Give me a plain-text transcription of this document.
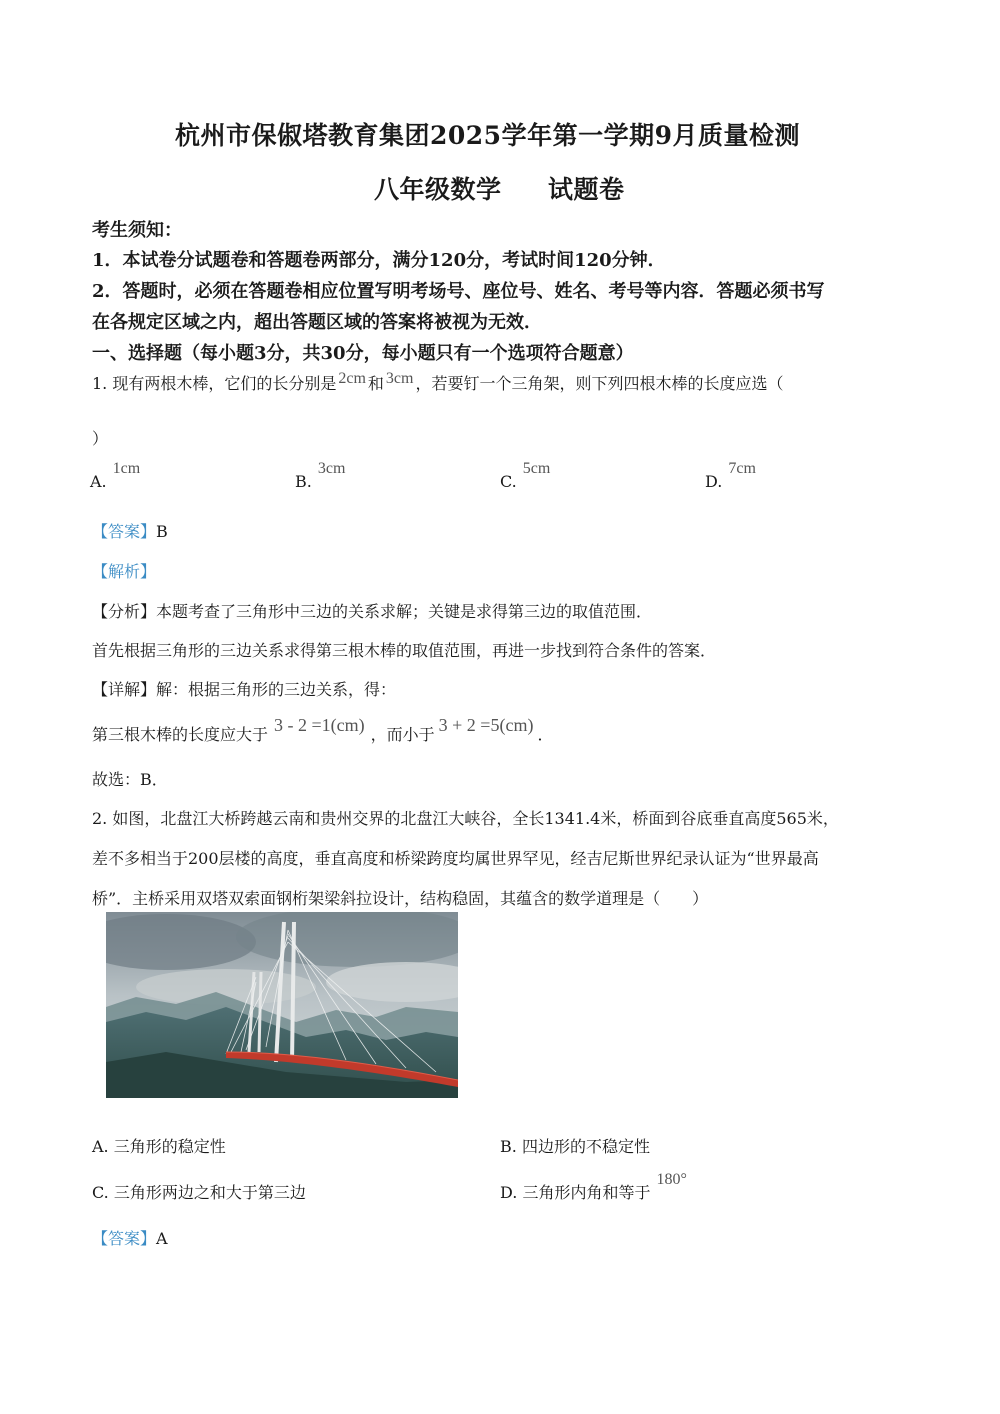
杭州市保俶塔教育集团2025学年第一学期9月质量检测
八年级数学 试题卷
考生须知：
1．本试卷分试题卷和答题卷两部分，满分120分，考试时间120分钟．
2．答题时，必须在答题卷相应位置写明考场号、座位号、姓名、考号等内容．答题必须书写
在各规定区域之内，超出答题区域的答案将被视为无效．
一、选择题（每小题3分，共30分，每小题只有一个选项符合题意）
1. 现有两根木棒，它们的长分别是 2cm 和 3cm ，若要钉一个三角架，则下列四根木棒的长度应选（
）
A.1cm
B.3cm
C.5cm
D.7cm
【答案】B
【解析】
【分析】本题考查了三角形中三边的关系求解；关键是求得第三边的取值范围．
首先根据三角形的三边关系求得第三根木棒的取值范围，再进一步找到符合条件的答案．
【详解】解：根据三角形的三边关系，得：
第三根木棒的长度应大于 3 - 2 =1(cm) ，而小于 3 + 2 =5(cm) ．
故选：B．
2. 如图，北盘江大桥跨越云南和贵州交界的北盘江大峡谷，全长1341.4米，桥面到谷底垂直高度565米，
差不多相当于200层楼的高度，垂直高度和桥梁跨度均属世界罕见，经吉尼斯世界纪录认证为“世界最高
桥”．主桥采用双塔双索面钢桁架梁斜拉设计，结构稳固，其蕴含的数学道理是（　　）
A. 三角形的稳定性	B. 四边形的不稳定性
C. 三角形两边之和大于第三边	D. 三角形内角和等于180°
【答案】A
